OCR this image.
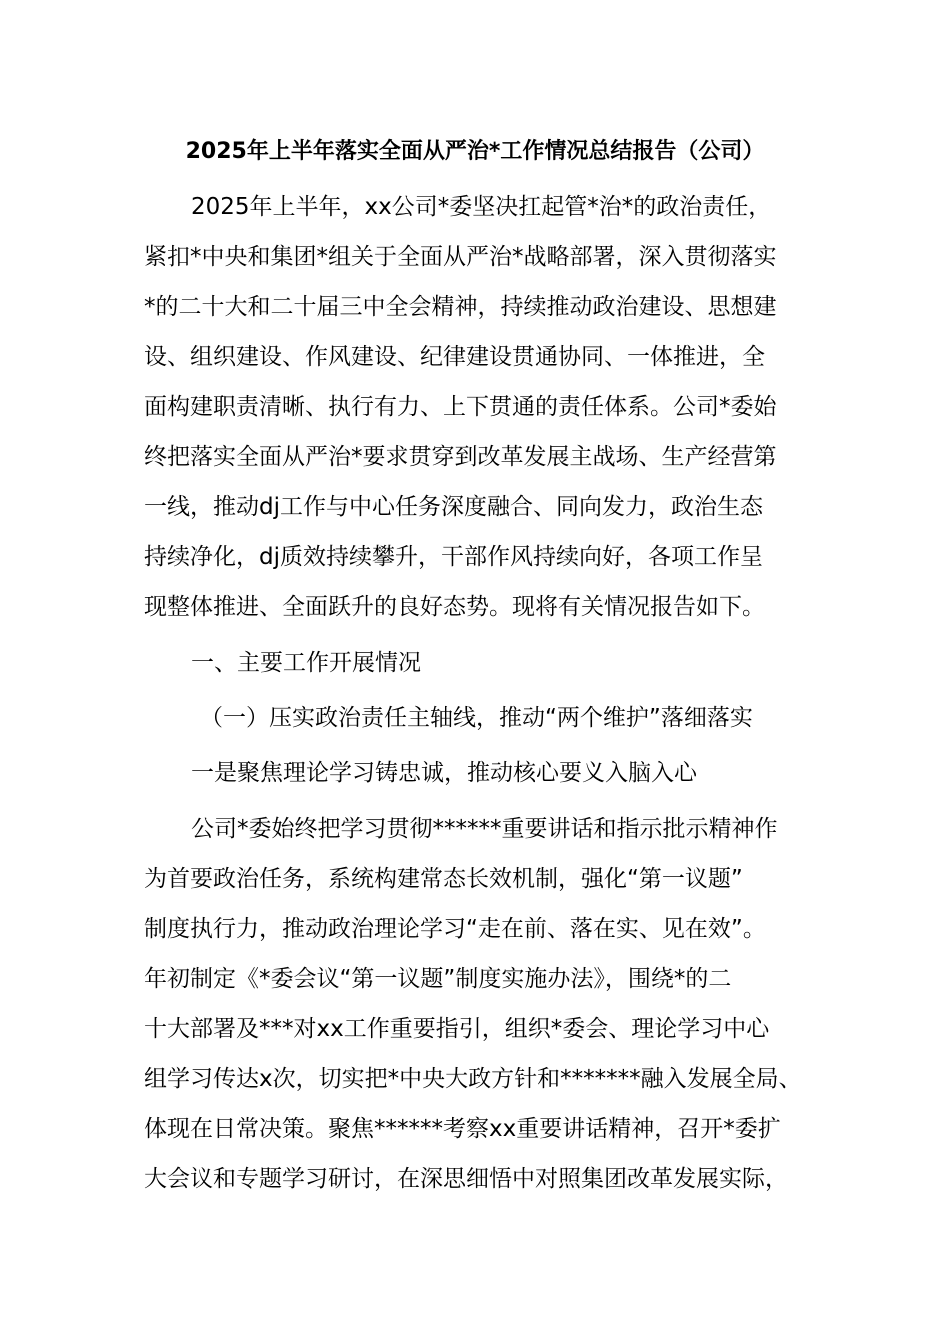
2025年上半年落实全面从严治*工作情况总结报告（公司）
2025年上半年，xx公司*委坚决扛起管*治*的政治责任，
紧扣*中央和集团*组关于全面从严治*战略部署，深入贯彻落实
*的二十大和二十届三中全会精神，持续推动政治建设、思想建
设、组织建设、作风建设、纪律建设贯通协同、一体推进，全
面构建职责清晰、执行有力、上下贯通的责任体系。公司*委始
终把落实全面从严治*要求贯穿到改革发展主战场、生产经营第
一线，推动dj工作与中心任务深度融合、同向发力，政治生态
持续净化，dj质效持续攀升，干部作风持续向好，各项工作呈
现整体推进、全面跃升的良好态势。现将有关情况报告如下。
一、主要工作开展情况
（一）压实政治责任主轴线，推动“两个维护”落细落实
一是聚焦理论学习铸忠诚，推动核心要义入脑入心
公司*委始终把学习贯彻******重要讲话和指示批示精神作
为首要政治任务，系统构建常态长效机制，强化“第一议题”
制度执行力，推动政治理论学习“走在前、落在实、见在效”。
年初制定《*委会议“第一议题”制度实施办法》，围绕*的二
十大部署及***对xx工作重要指引，组织*委会、理论学习中心
组学习传达x次，切实把*中央大政方针和*******融入发展全局、
体现在日常决策。聚焦******考察xx重要讲话精神，召开*委扩
大会议和专题学习研讨，在深思细悟中对照集团改革发展实际，
